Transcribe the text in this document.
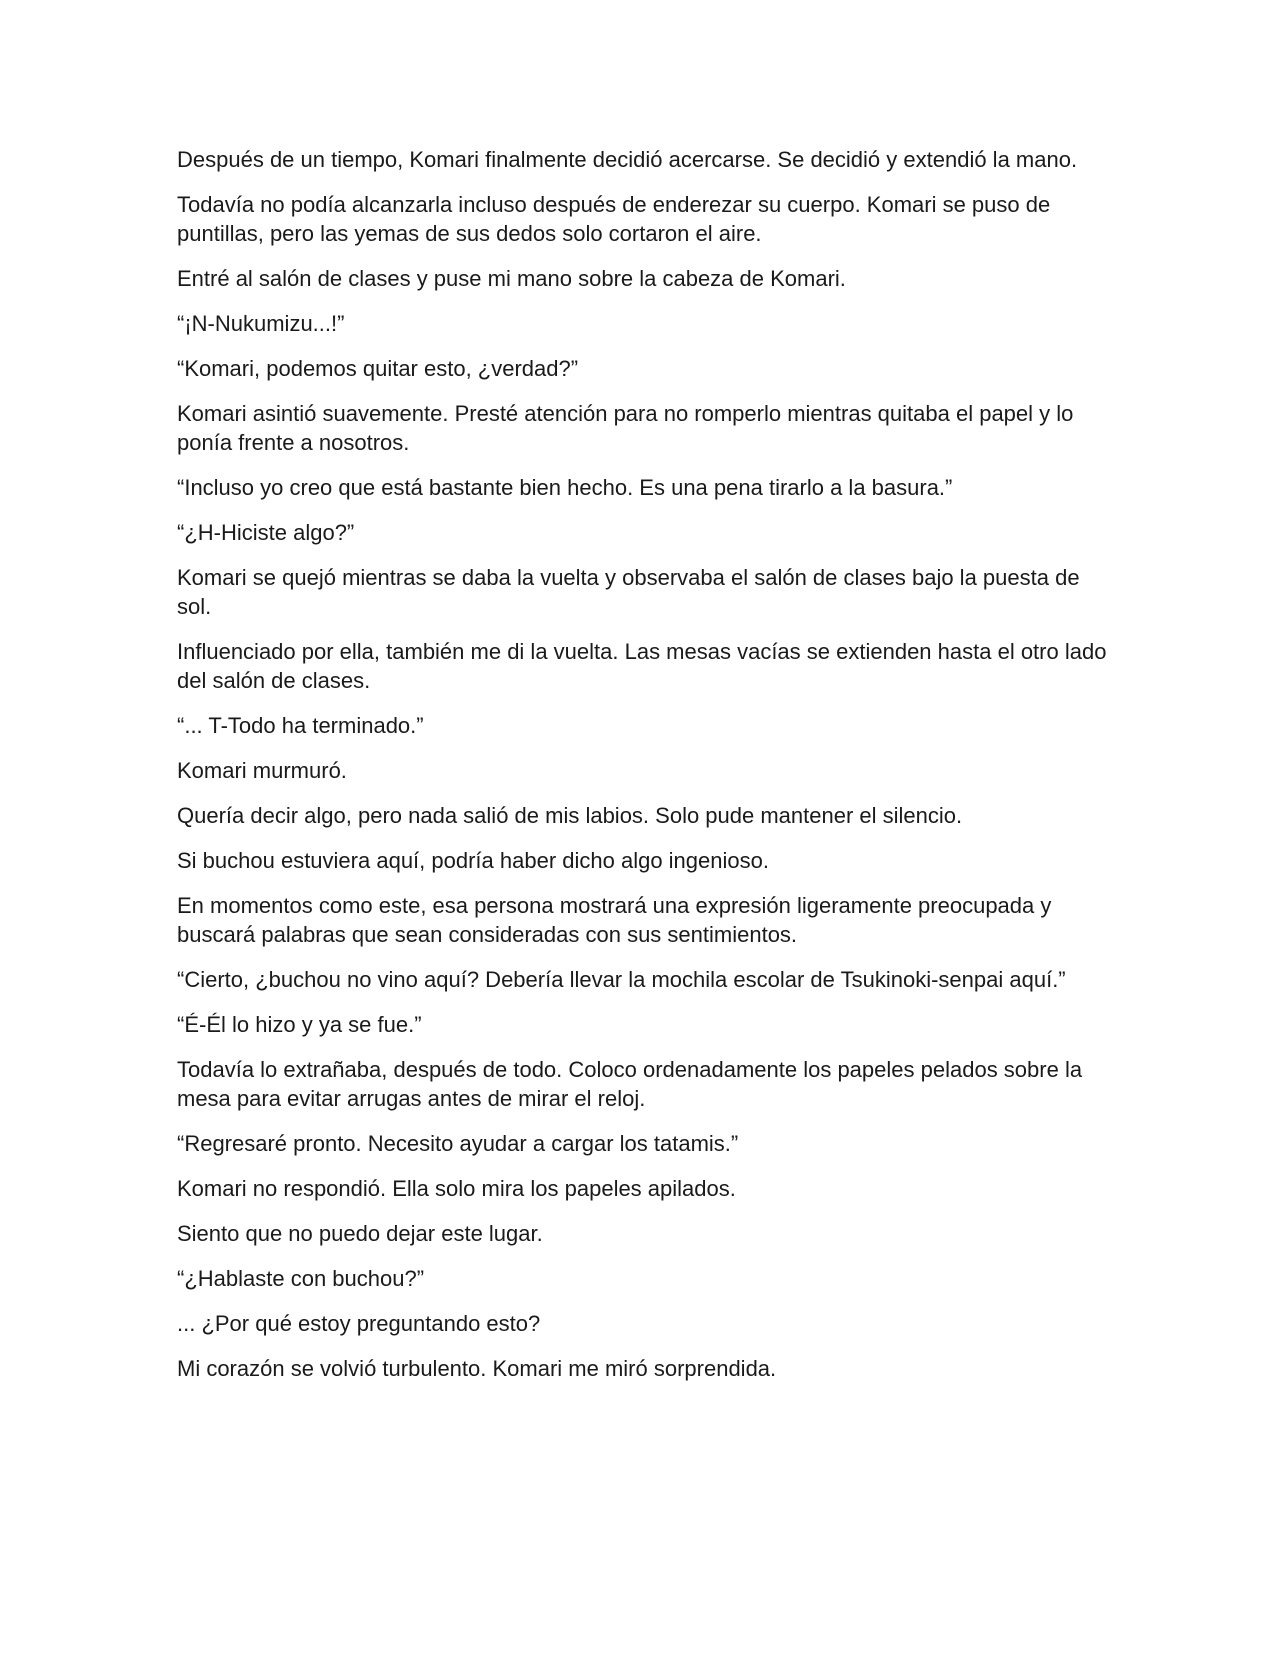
Después de un tiempo, Komari finalmente decidió acercarse. Se decidió y extendió la mano.

Todavía no podía alcanzarla incluso después de enderezar su cuerpo. Komari se puso de puntillas, pero las yemas de sus dedos solo cortaron el aire.

Entré al salón de clases y puse mi mano sobre la cabeza de Komari.

“¡N-Nukumizu...!”

“Komari, podemos quitar esto, ¿verdad?”

Komari asintió suavemente. Presté atención para no romperlo mientras quitaba el papel y lo ponía frente a nosotros.

“Incluso yo creo que está bastante bien hecho. Es una pena tirarlo a la basura.”

“¿H-Hiciste algo?”

Komari se quejó mientras se daba la vuelta y observaba el salón de clases bajo la puesta de sol.

Influenciado por ella, también me di la vuelta. Las mesas vacías se extienden hasta el otro lado del salón de clases.

“... T-Todo ha terminado.”

Komari murmuró.

Quería decir algo, pero nada salió de mis labios. Solo pude mantener el silencio.

Si buchou estuviera aquí, podría haber dicho algo ingenioso.

En momentos como este, esa persona mostrará una expresión ligeramente preocupada y buscará palabras que sean consideradas con sus sentimientos.

“Cierto, ¿buchou no vino aquí? Debería llevar la mochila escolar de Tsukinoki-senpai aquí.”

“É-Él lo hizo y ya se fue.”

Todavía lo extrañaba, después de todo. Coloco ordenadamente los papeles pelados sobre la mesa para evitar arrugas antes de mirar el reloj.

“Regresaré pronto. Necesito ayudar a cargar los tatamis.”

Komari no respondió. Ella solo mira los papeles apilados.

Siento que no puedo dejar este lugar.

“¿Hablaste con buchou?”

... ¿Por qué estoy preguntando esto?

Mi corazón se volvió turbulento. Komari me miró sorprendida.
